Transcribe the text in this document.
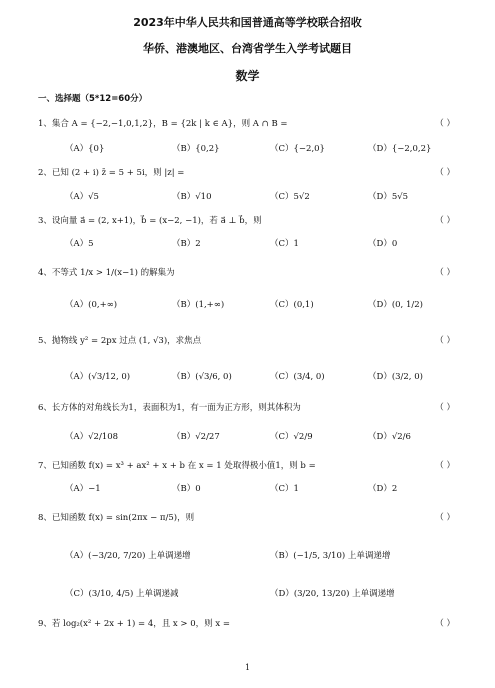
2023年中华人民共和国普通高等学校联合招收
华侨、港澳地区、台湾省学生入学考试题目
数学
一、选择题（5*12=60分）
1、集合 A = {−2,−1,0,1,2}，B = {2k | k ∈ A}，则 A ∩ B =	（ ）
（A）{0}	（B）{0,2}	（C）{−2,0}	（D）{−2,0,2}
2、已知 (2 + i) z̄ = 5 + 5i，则 |z| =	（ ）
（A）√5	（B）√10	（C）5√2	（D）5√5
3、设向量 a⃗ = (2, x+1)，b⃗ = (x−2, −1)，若 a⃗ ⊥ b⃗，则	（ ）
（A）5	（B）2	（C）1	（D）0
4、不等式 1/x > 1/(x−1) 的解集为	（ ）
（A）(0,+∞)	（B）(1,+∞)	（C）(0,1)	（D）(0, 1/2)
5、抛物线 y² = 2px 过点 (1, √3)，求焦点	（ ）
（A）(√3/12, 0)	（B）(√3/6, 0)	（C）(3/4, 0)	（D）(3/2, 0)
6、长方体的对角线长为1，表面积为1，有一面为正方形，则其体积为	（ ）
（A）√2/108	（B）√2/27	（C）√2/9	（D）√2/6
7、已知函数 f(x) = x³ + ax² + x + b 在 x = 1 处取得极小值1，则 b =	（ ）
（A）−1	（B）0	（C）1	（D）2
8、已知函数 f(x) = sin(2πx − π/5)，则	（ ）
（A）(−3/20, 7/20) 上单调递增	（B）(−1/5, 3/10) 上单调递增
（C）(3/10, 4/5) 上单调递减	（D）(3/20, 13/20) 上单调递增
9、若 log₂(x² + 2x + 1) = 4，且 x > 0，则 x =	（ ）
1
